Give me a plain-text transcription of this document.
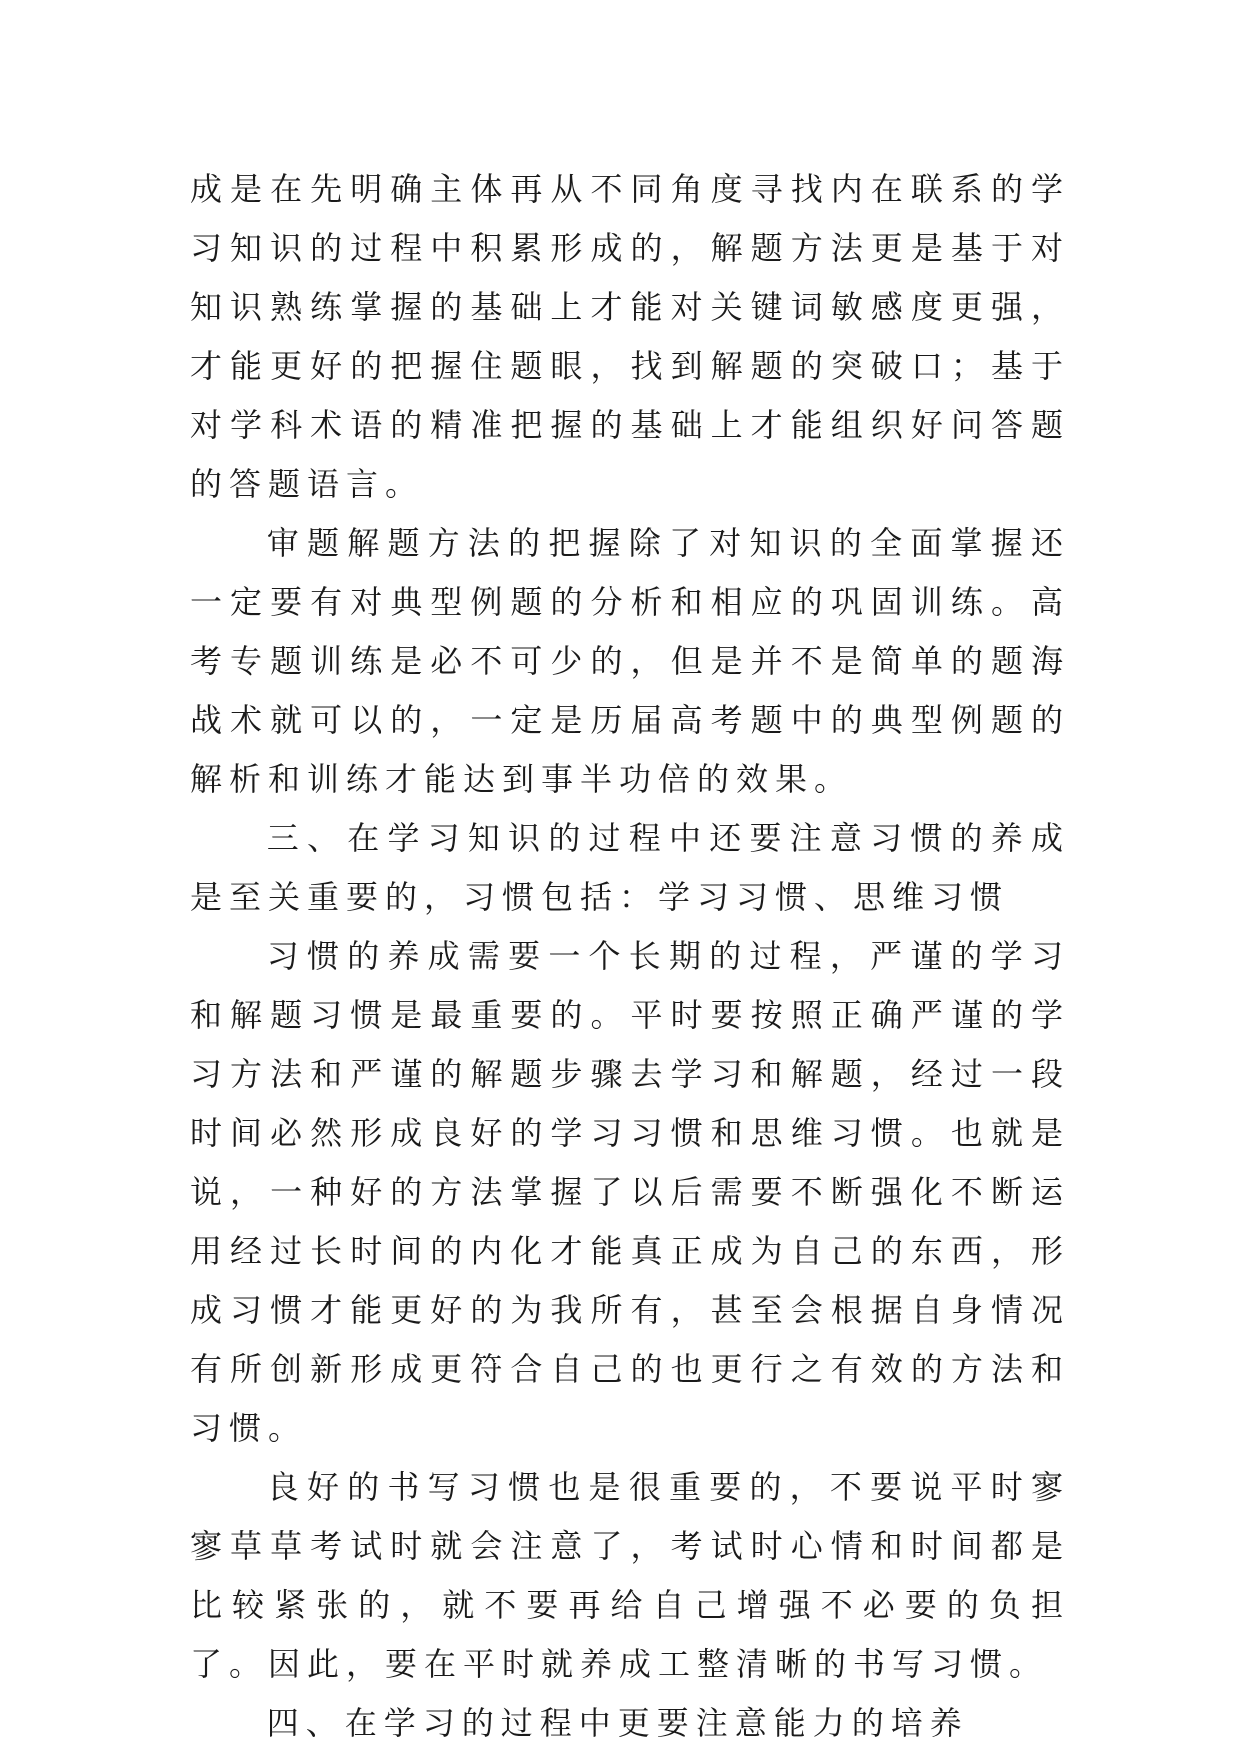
成是在先明确主体再从不同角度寻找内在联系的学习知识的过程中积累形成的，解题方法更是基于对知识熟练掌握的基础上才能对关键词敏感度更强，才能更好的把握住题眼，找到解题的突破口；基于对学科术语的精准把握的基础上才能组织好问答题的答题语言。

审题解题方法的把握除了对知识的全面掌握还一定要有对典型例题的分析和相应的巩固训练。高考专题训练是必不可少的，但是并不是简单的题海战术就可以的，一定是历届高考题中的典型例题的解析和训练才能达到事半功倍的效果。

三、在学习知识的过程中还要注意习惯的养成是至关重要的，习惯包括：学习习惯、思维习惯

习惯的养成需要一个长期的过程，严谨的学习和解题习惯是最重要的。平时要按照正确严谨的学习方法和严谨的解题步骤去学习和解题，经过一段时间必然形成良好的学习习惯和思维习惯。也就是说，一种好的方法掌握了以后需要不断强化不断运用经过长时间的内化才能真正成为自己的东西，形成习惯才能更好的为我所有，甚至会根据自身情况有所创新形成更符合自己的也更行之有效的方法和习惯。

良好的书写习惯也是很重要的，不要说平时寥寥草草考试时就会注意了，考试时心情和时间都是比较紧张的，就不要再给自己增强不必要的负担了。因此，要在平时就养成工整清晰的书写习惯。

四、在学习的过程中更要注意能力的培养
